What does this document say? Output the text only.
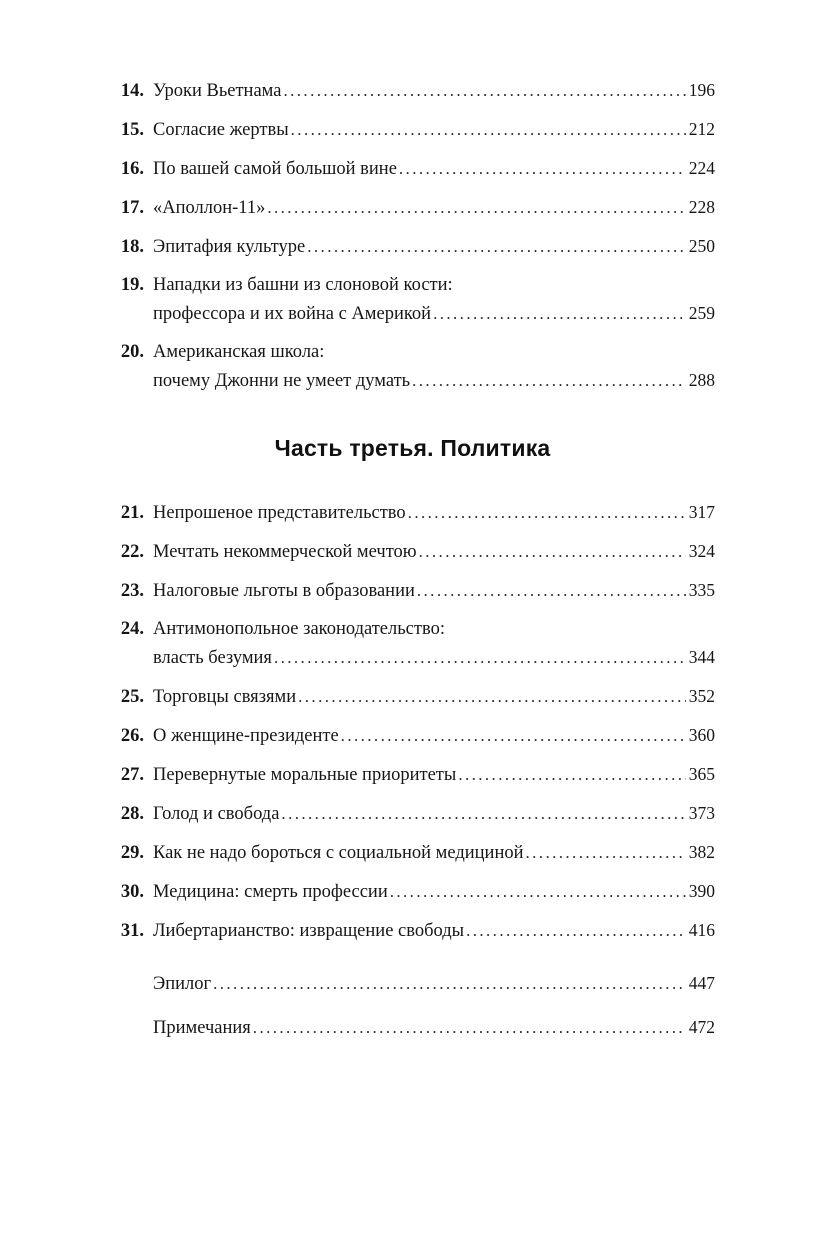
14. Уроки Вьетнама .....	196
15. Согласие жертвы .....	212
16. По вашей самой большой вине .....	224
17. «Аполлон-11» .....	228
18. Эпитафия культуре .....	250
19. Нападки из башни из слоновой кости:
профессора и их война с Америкой .....	259
20. Американская школа:
почему Джонни не умеет думать .....	288
Часть третья. Политика
21. Непрошеное представительство .....	317
22. Мечтать некоммерческой мечтою .....	324
23. Налоговые льготы в образовании .....	335
24. Антимонопольное законодательство:
власть безумия .....	344
25. Торговцы связями .....	352
26. О женщине-президенте .....	360
27. Перевернутые моральные приоритеты .....	365
28. Голод и свобода .....	373
29. Как не надо бороться с социальной медициной .....	382
30. Медицина: смерть профессии .....	390
31. Либертарианство: извращение свободы .....	416
Эпилог .....	447
Примечания .....	472
